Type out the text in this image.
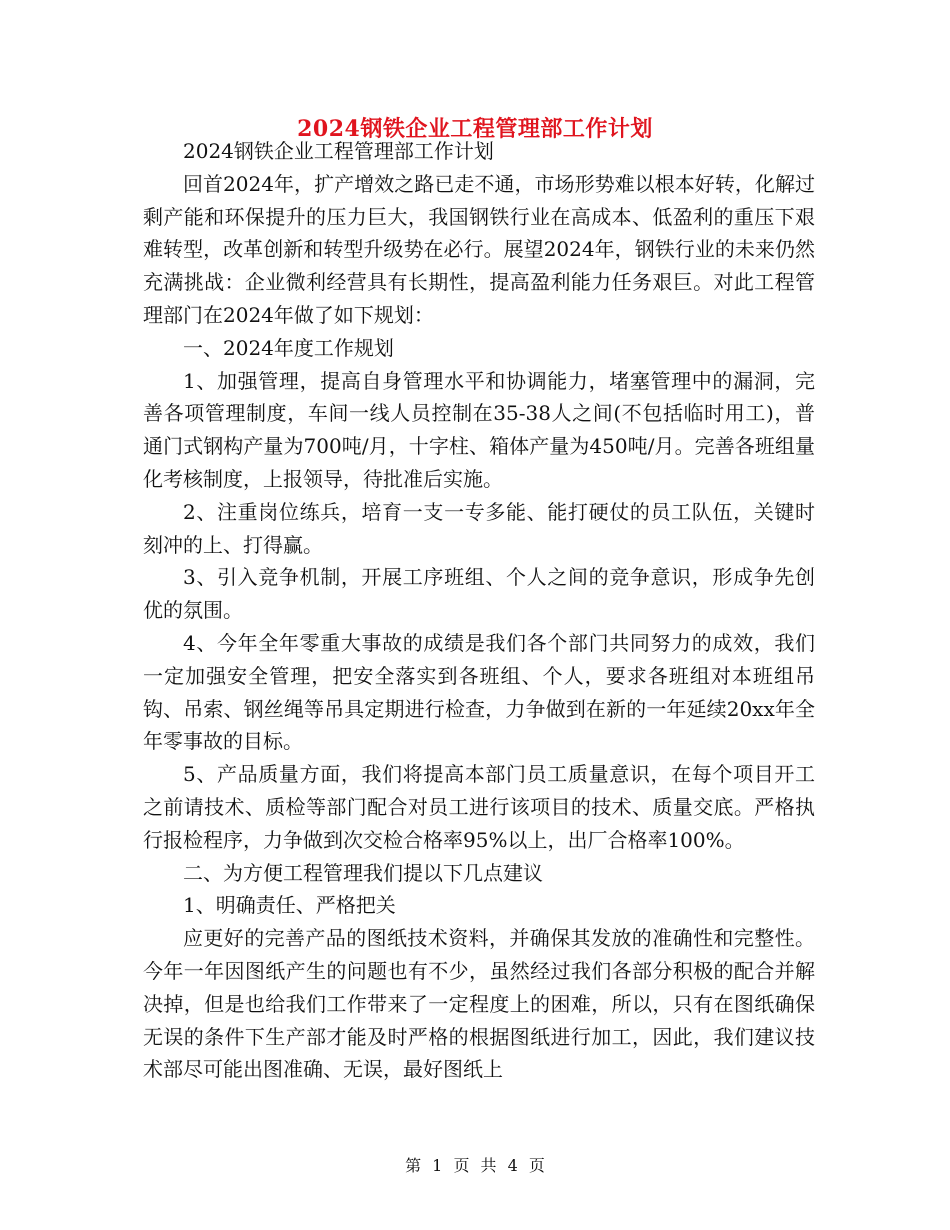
2024钢铁企业工程管理部工作计划

2024钢铁企业工程管理部工作计划

回首2024年，扩产增效之路已走不通，市场形势难以根本好转，化解过剩产能和环保提升的压力巨大，我国钢铁行业在高成本、低盈利的重压下艰难转型，改革创新和转型升级势在必行。展望2024年，钢铁行业的未来仍然充满挑战：企业微利经营具有长期性，提高盈利能力任务艰巨。对此工程管理部门在2024年做了如下规划：

一、2024年度工作规划

1、加强管理，提高自身管理水平和协调能力，堵塞管理中的漏洞，完善各项管理制度，车间一线人员控制在35-38人之间(不包括临时用工)，普通门式钢构产量为700吨/月，十字柱、箱体产量为450吨/月。完善各班组量化考核制度，上报领导，待批准后实施。

2、注重岗位练兵，培育一支一专多能、能打硬仗的员工队伍，关键时刻冲的上、打得赢。

3、引入竞争机制，开展工序班组、个人之间的竞争意识，形成争先创优的氛围。

4、今年全年零重大事故的成绩是我们各个部门共同努力的成效，我们一定加强安全管理，把安全落实到各班组、个人，要求各班组对本班组吊钩、吊索、钢丝绳等吊具定期进行检查，力争做到在新的一年延续20xx年全年零事故的目标。

5、产品质量方面，我们将提高本部门员工质量意识，在每个项目开工之前请技术、质检等部门配合对员工进行该项目的技术、质量交底。严格执行报检程序，力争做到次交检合格率95%以上，出厂合格率100%。

二、为方便工程管理我们提以下几点建议

1、明确责任、严格把关

应更好的完善产品的图纸技术资料，并确保其发放的准确性和完整性。今年一年因图纸产生的问题也有不少，虽然经过我们各部分积极的配合并解决掉，但是也给我们工作带来了一定程度上的困难，所以，只有在图纸确保无误的条件下生产部才能及时严格的根据图纸进行加工，因此，我们建议技术部尽可能出图准确、无误，最好图纸上

第 1 页 共 4 页
